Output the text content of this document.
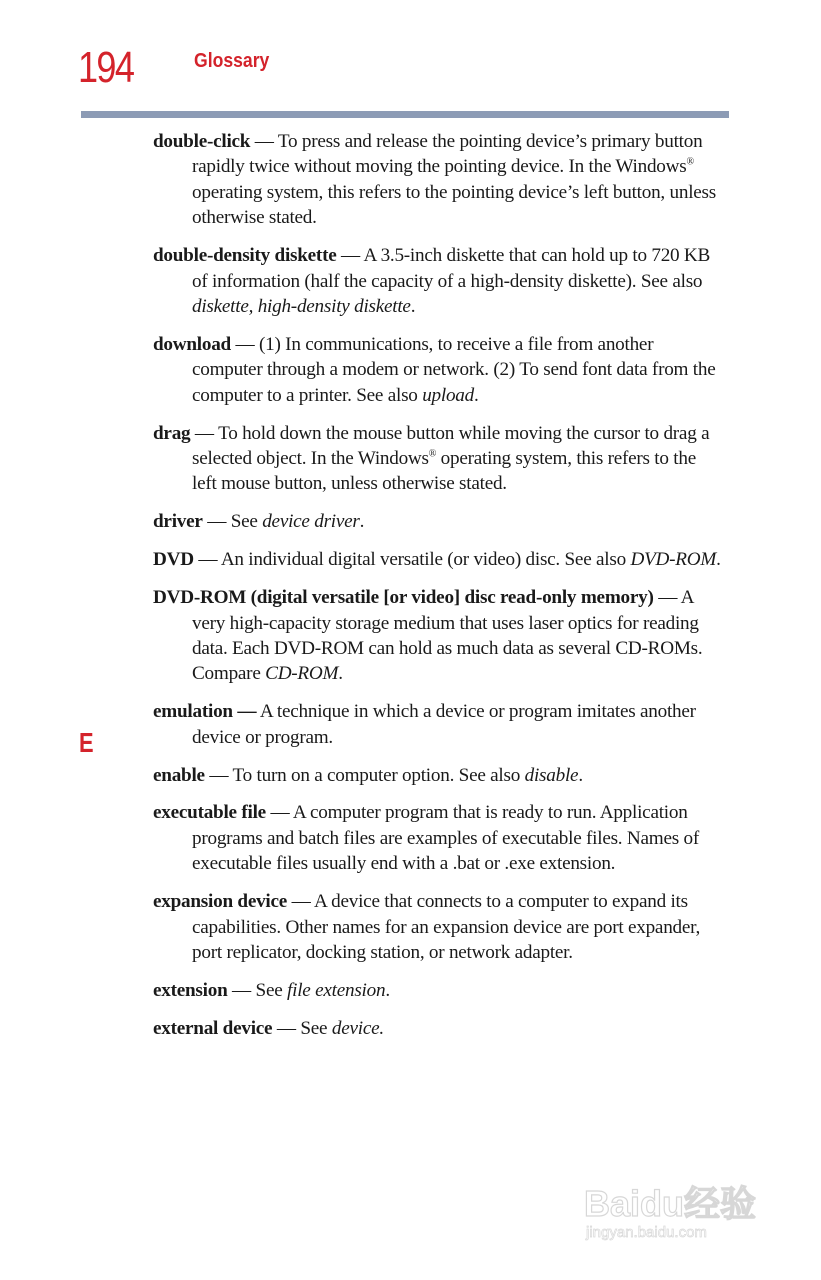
194	Glossary
E

double-click — To press and release the pointing device’s primary button rapidly twice without moving the pointing device. In the Windows® operating system, this refers to the pointing device’s left button, unless otherwise stated.

double-density diskette — A 3.5-inch diskette that can hold up to 720 KB of information (half the capacity of a high-density diskette). See also diskette, high-density diskette.

download — (1) In communications, to receive a file from another computer through a modem or network. (2) To send font data from the computer to a printer. See also upload.

drag — To hold down the mouse button while moving the cursor to drag a selected object. In the Windows® operating system, this refers to the left mouse button, unless otherwise stated.

driver — See device driver.

DVD — An individual digital versatile (or video) disc. See also DVD-ROM.

DVD-ROM (digital versatile [or video] disc read-only memory) — A very high-capacity storage medium that uses laser optics for reading data. Each DVD-ROM can hold as much data as several CD-ROMs. Compare CD-ROM.

emulation — A technique in which a device or program imitates another device or program.

enable — To turn on a computer option. See also disable.

executable file — A computer program that is ready to run. Application programs and batch files are examples of executable files. Names of executable files usually end with a .bat or .exe extension.

expansion device — A device that connects to a computer to expand its capabilities. Other names for an expansion device are port expander, port replicator, docking station, or network adapter.

extension — See file extension.

external device — See device.

Baidu经验
jingyan.baidu.com
